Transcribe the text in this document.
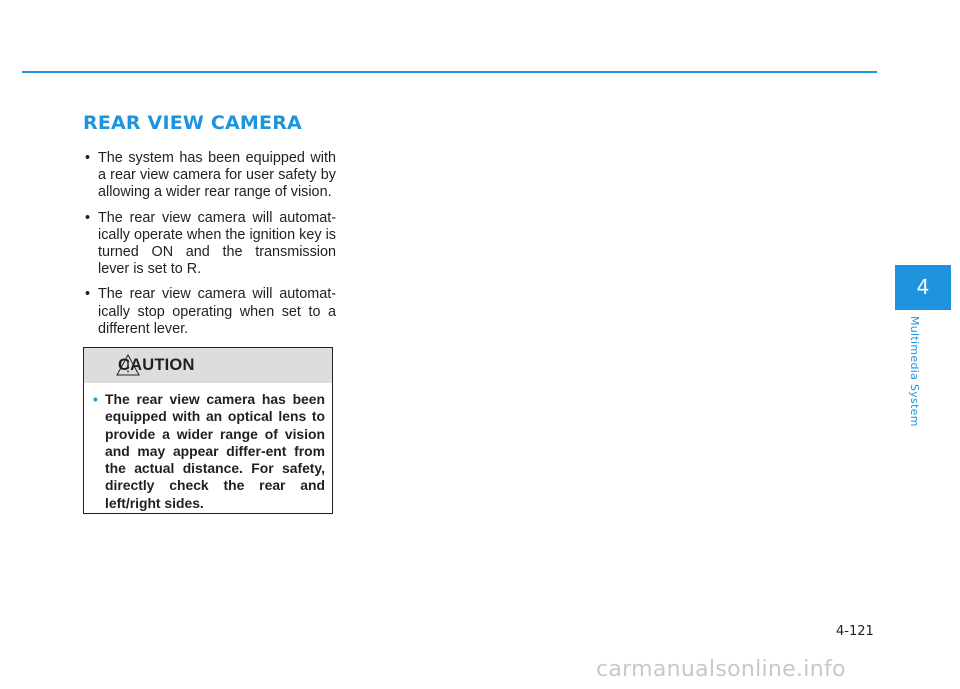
REAR VIEW CAMERA
• The system has been equipped with a rear view camera for user safety by allowing a wider rear range of vision.
• The rear view camera will automat-ically operate when the ignition key is turned ON and the transmission lever is set to R.
• The rear view camera will automat-ically stop operating when set to a different lever.
CAUTION

• The rear view camera has been equipped with an optical lens to provide a wider range of vision and may appear differ-ent from the actual distance. For safety, directly check the rear and left/right sides.

4
Multimedia System
4-121
carmanualsonline.info
